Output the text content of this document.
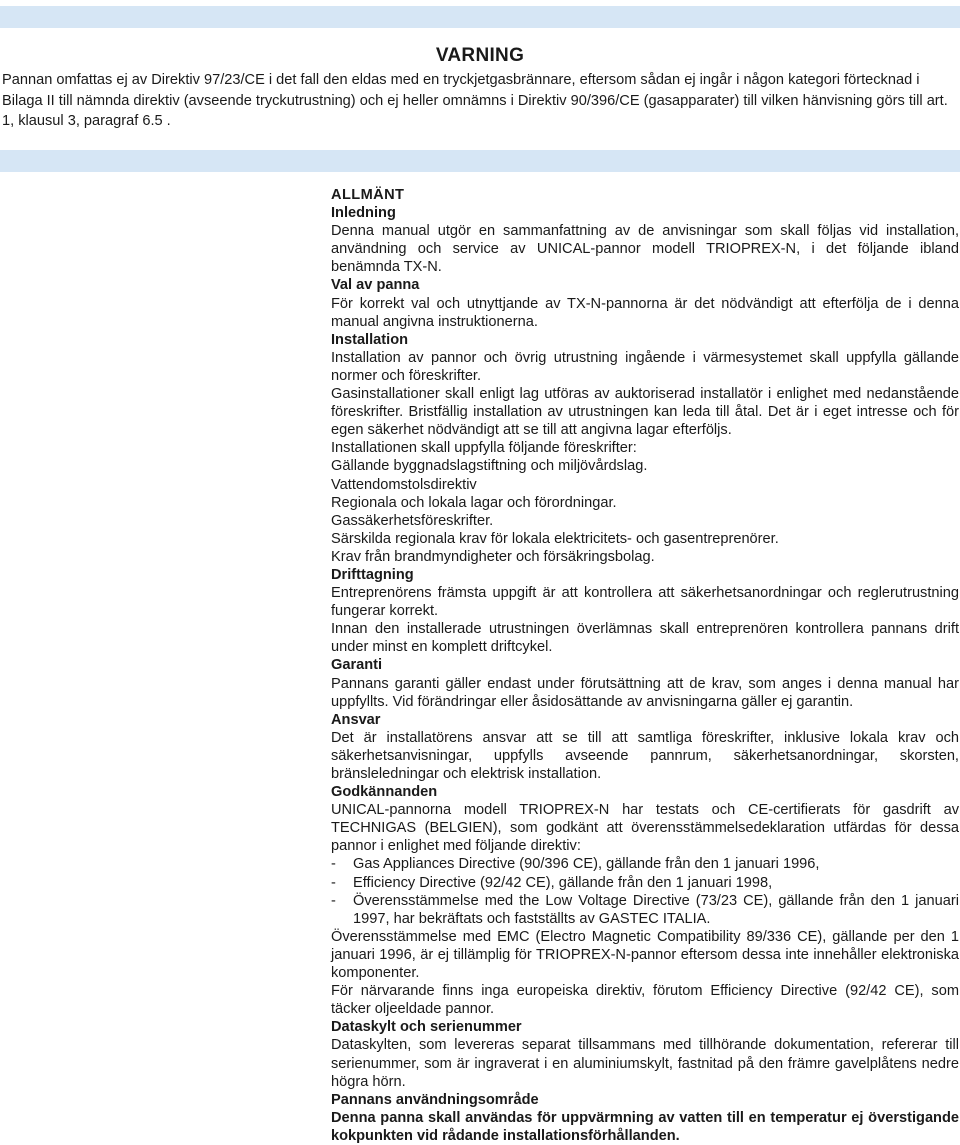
VARNING

Pannan omfattas ej av Direktiv 97/23/CE i det fall den eldas med en tryckjetgasbrännare, eftersom sådan ej ingår i någon kategori förtecknad i Bilaga II till nämnda direktiv (avseende tryckutrustning) och ej heller omnämns i Direktiv 90/396/CE (gasapparater) till vilken hänvisning görs till art. 1, klausul 3, paragraf 6.5 .

ALLMÄNT
Inledning

Denna manual utgör en sammanfattning av de anvisningar som skall följas vid installation, användning och service av UNICAL-pannor modell TRIOPREX-N, i det följande ibland benämnda TX-N.

Val av panna

För korrekt val och utnyttjande av TX-N-pannorna är det nödvändigt att efterfölja de i denna manual angivna instruktionerna.

Installation

Installation av pannor och övrig utrustning ingående i värmesystemet skall uppfylla gällande normer och föreskrifter.

Gasinstallationer skall enligt lag utföras av auktoriserad installatör i enlighet med nedanstående föreskrifter. Bristfällig installation av utrustningen kan leda till åtal. Det är i eget intresse och för egen säkerhet nödvändigt att se till att angivna lagar efterföljs.

Installationen skall uppfylla följande föreskrifter:

Gällande byggnadslagstiftning och miljövårdslag.

Vattendomstolsdirektiv

Regionala och lokala lagar och förordningar.

Gassäkerhetsföreskrifter.

Särskilda regionala krav för lokala elektricitets- och gasentreprenörer.

Krav från brandmyndigheter och försäkringsbolag.

Drifttagning

Entreprenörens främsta uppgift är att kontrollera att säkerhetsanordningar och reglerutrustning fungerar korrekt.

Innan den installerade utrustningen överlämnas skall entreprenören kontrollera pannans drift under minst en komplett driftcykel.

Garanti

Pannans garanti gäller endast under förutsättning att de krav, som anges i denna manual har uppfyllts. Vid förändringar eller åsidosättande av anvisningarna gäller ej garantin.

Ansvar

Det är installatörens ansvar att se till att samtliga föreskrifter, inklusive lokala krav och säkerhetsanvisningar, uppfylls avseende pannrum, säkerhetsanordningar, skorsten, bränsleledningar och elektrisk installation.

Godkännanden

UNICAL-pannorna modell TRIOPREX-N har testats och CE-certifierats för gasdrift av TECHNIGAS (BELGIEN), som godkänt att överensstämmelsedeklaration utfärdas för dessa pannor i enlighet med följande direktiv:

- Gas Appliances Directive (90/396 CE), gällande från den 1 januari 1996,

- Efficiency Directive (92/42 CE), gällande från den 1 januari 1998,

- Överensstämmelse med the Low Voltage Directive (73/23 CE), gällande från den 1 januari 1997, har bekräftats och fastställts av GASTEC ITALIA.

Överensstämmelse med EMC (Electro Magnetic Compatibility 89/336 CE), gällande per den 1 januari 1996, är ej tillämplig för TRIOPREX-N-pannor eftersom dessa inte innehåller elektroniska komponenter.

För närvarande finns inga europeiska direktiv, förutom Efficiency Directive (92/42 CE), som täcker oljeeldade pannor.

Dataskylt och serienummer

Dataskylten, som levereras separat tillsammans med tillhörande dokumentation, refererar till serienummer, som är ingraverat i en aluminiumskylt, fastnitad på den främre gavelplåtens nedre högra hörn.

Pannans användningsområde

Denna panna skall användas för uppvärmning av vatten till en temperatur ej överstigande kokpunkten vid rådande installationsförhållanden.
